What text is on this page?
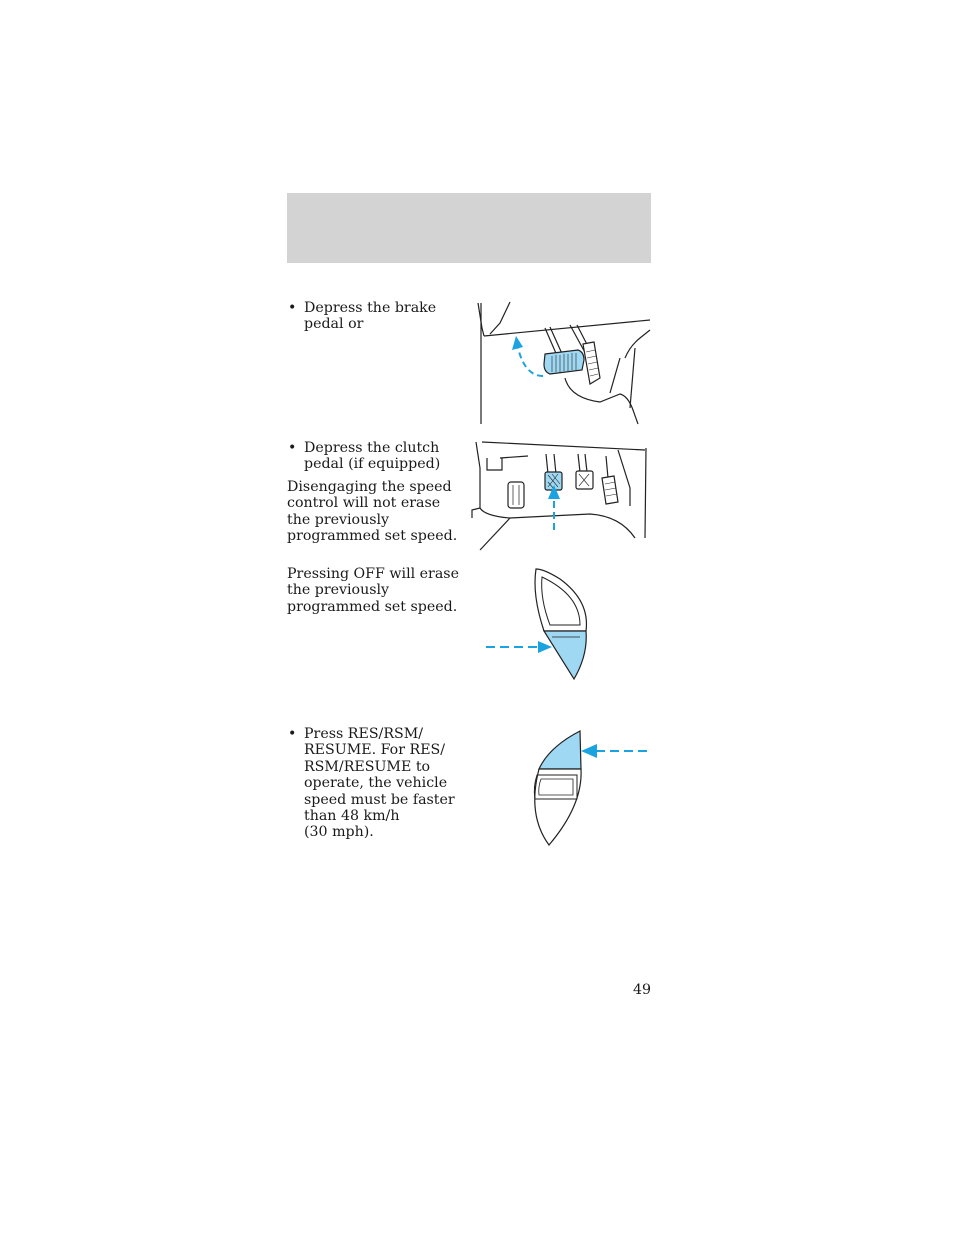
• Depress the brake
pedal or
• Depress the clutch
pedal (if equipped)
Disengaging the speed
control will not erase
the previously
programmed set speed.
Pressing OFF will erase
the previously
programmed set speed.
• Press RES/RSM/
RESUME. For RES/
RSM/RESUME to
operate, the vehicle
speed must be faster
than 48 km/h
(30 mph).
49
